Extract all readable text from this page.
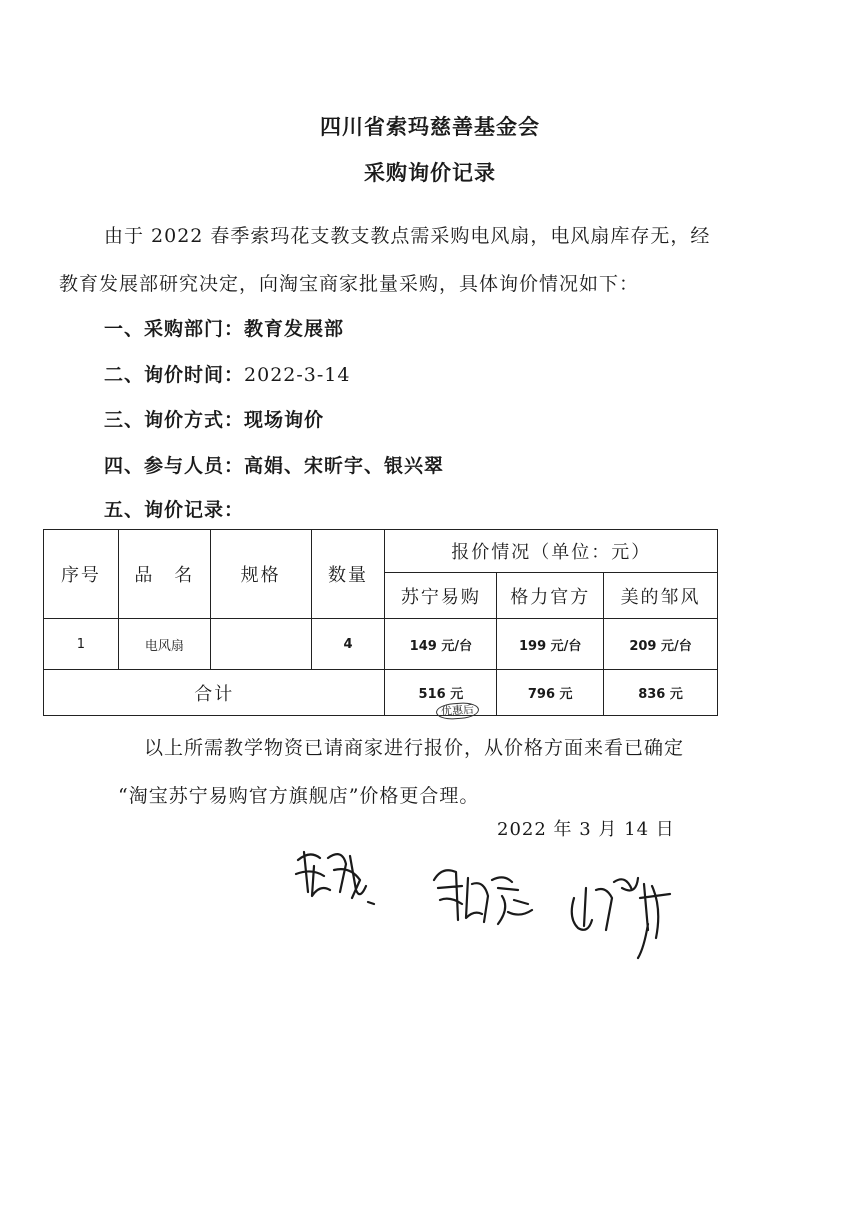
四川省索玛慈善基金会
采购询价记录
由于 2022 春季索玛花支教支教点需采购电风扇，电风扇库存无，经
教育发展部研究决定，向淘宝商家批量采购，具体询价情况如下：
一、采购部门：教育发展部
二、询价时间：2022-3-14
三、询价方式：现场询价
四、参与人员：高娟、宋昕宇、银兴翠
五、询价记录：
序号	品　名	规格	数量	报价情况（单位：元）		
				苏宁易购	格力官方	美的邹风
1	电风扇		4	149 元/台	199 元/台	209 元/台
合计				516 元	796 元	836 元
优惠后
以上所需教学物资已请商家进行报价，从价格方面来看已确定
“淘宝苏宁易购官方旗舰店”价格更合理。
2022 年 3 月 14 日
